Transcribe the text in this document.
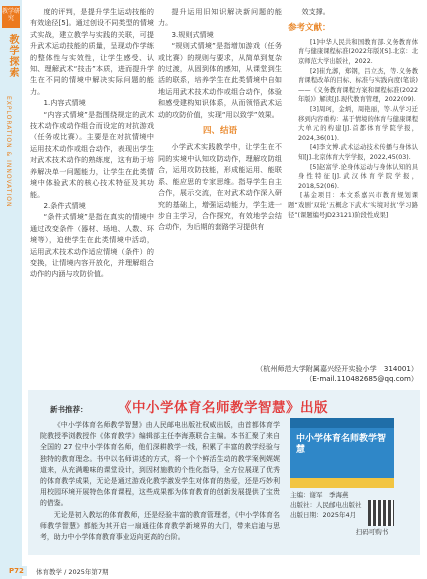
教学研究
教学探索
EXPLORATION & INNOVATION

度的评判，是提升学生运动技能的有效途径[5]。通过创设不同类型的情境式实战，建立教学与实践的关联，可提升武术运动技能的质量，呈现动作学练的整体性与实效性，让学生感受、认知、理解武术“技击”本质，进而提升学生在不同的情境中解决实际问题的能力。

1.内容式情境

“内容式情境”是指围绕规定的武术技术动作或动作组合而设定的对抗游戏（任务或比赛）。主要是在对抗情境中运用技术动作或组合动作，表现出学生对武术技术动作的熟练度，这有助于培养解决单一问题能力，让学生在此类情境中体验武术的核心技术特征及其功能。

2.条件式情境

“条件式情境”是指在真实的情境中通过改变条件（器材、场地、人数、环境等），迫使学生在此类情境中活动，运用武术技术动作适应情境（条件）的变换，让情境内容开放化，并理解组合动作的内涵与攻防价值。

提升运用旧知识解决新问题的能力。

3.规则式情境

“规则式情境”是指增加游戏（任务或比赛）的规则与要求，从简单到复杂的过渡，从固到体的感知，从课堂到生活的联系，培养学生在此类情境中自如地运用武术技术动作或组合动作，体验和感受建构知识体系，从而领悟武术运动的攻防价值，实现“用以致学”效果。

四、结语

小学武术实践教学中，让学生在不同的实境中认知攻防动作，理解攻防组合，运用攻防技能，形成能运用、能联系、能应思的专家思维。指导学生自主合作，展示交流，在对武术动作深入研究的基础上，增强运动能力，学生进一步自主学习，合作探究，有效地学会结合动作，为后期的套路学习提供有

效支撑。

参考文献：

[1]中华人民共和国教育部.义务教育体育与健康课程标准(2022年版)[S].北京：北京师范大学出版社，2022.

[2]崔允漷，郑钢，吕立杰，等.义务教育课程改革的目标、标准与实践向度(笔谈)——《义务教育课程方案和课程标准(2022年版)》解读[J].现代教育管理，2022(09).

[3]周珂，金炳，周艳丽，等.从学习迁移到内容重构：基于情境的体育与健康课程大单元的构建[J].首都体育学院学报，2024,36(01).

[4]李文博.武术运动技术传播与身体认知[J].北京体育大学学报，2022,45(03).

[5]赵富学.论身体运动与身体认知的具身性特征[J].武汉体育学院学报，2018,52(06).

[基金项目：本文系嘉兴市教育规划课题“戏剧‘双轮’五概念下武术‘实境对抗’学习路径”(课题编号JD23121)阶段性成果]

（杭州师范大学附属嘉兴经开实验小学　314001）
（E-mail.110482685@qq.com）
新书推荐： 《中小学体育名师教学智慧》出版

《中小学体育名师教学智慧》由人民邮电出版社权威出版，由首都体育学院教授季浏教授作《体育教学》编辑部主任李海燕联合主编。本书汇聚了来自全国的 27 位中小学体育名师，他们深耕教学一线，积累了丰富的教学经验与独特的教育理念。书中以名师讲述的方式，将一个个鲜活生动的教学案例娓娓道来，从充满趣味的课堂设计，到因材施教的个性化指导，全方位展现了优秀的体育教学成果，无论是通过游戏化教学激发学生对体育的热爱，还是巧妙利用校园环境开展特色体育课程，这些成果都为体育教育的创新发展提供了宝贵的借鉴。

无论是初入教坛的体育教师，还是经验丰富的教育管理者，《中小学体育名师教学智慧》都能为其开启一扇通往体育教学新境界的大门，带来启迪与思考，助力中小学体育教育事业迈向更高的台阶。

中小学体育名师教学智慧
主编：谢军　季海燕
出版社：人民邮电出版社
出版日期：2025年4月
扫码可购书
P72	体育教学 / 2025年第7期
